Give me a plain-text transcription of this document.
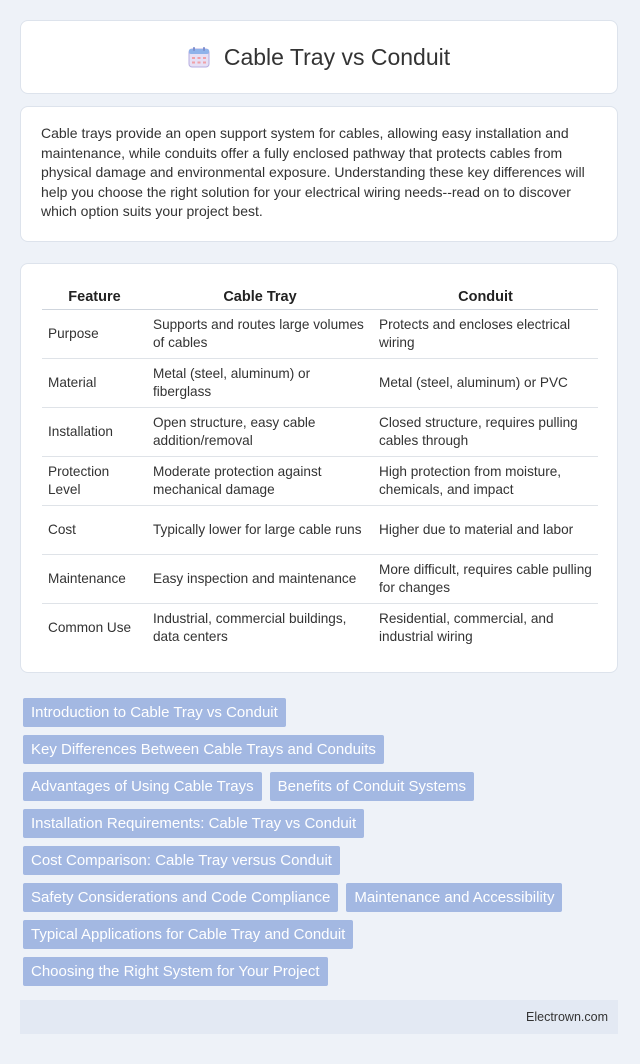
Cable Tray vs Conduit

Cable trays provide an open support system for cables, allowing easy installation and maintenance, while conduits offer a fully enclosed pathway that protects cables from physical damage and environmental exposure. Understanding these key differences will help you choose the right solution for your electrical wiring needs--read on to discover which option suits your project best.

Feature	Cable Tray	Conduit
Purpose	Supports and routes large volumes of cables	Protects and encloses electrical wiring
Material	Metal (steel, aluminum) or fiberglass	Metal (steel, aluminum) or PVC
Installation	Open structure, easy cable addition/removal	Closed structure, requires pulling cables through
Protection Level	Moderate protection against mechanical damage	High protection from moisture, chemicals, and impact
Cost	Typically lower for large cable runs	Higher due to material and labor
Maintenance	Easy inspection and maintenance	More difficult, requires cable pulling for changes
Common Use	Industrial, commercial buildings, data centers	Residential, commercial, and industrial wiring
Introduction to Cable Tray vs Conduit
Key Differences Between Cable Trays and Conduits
Advantages of Using Cable Trays	Benefits of Conduit Systems
Installation Requirements: Cable Tray vs Conduit
Cost Comparison: Cable Tray versus Conduit
Safety Considerations and Code Compliance	Maintenance and Accessibility
Typical Applications for Cable Tray and Conduit
Choosing the Right System for Your Project
Electrown.com
